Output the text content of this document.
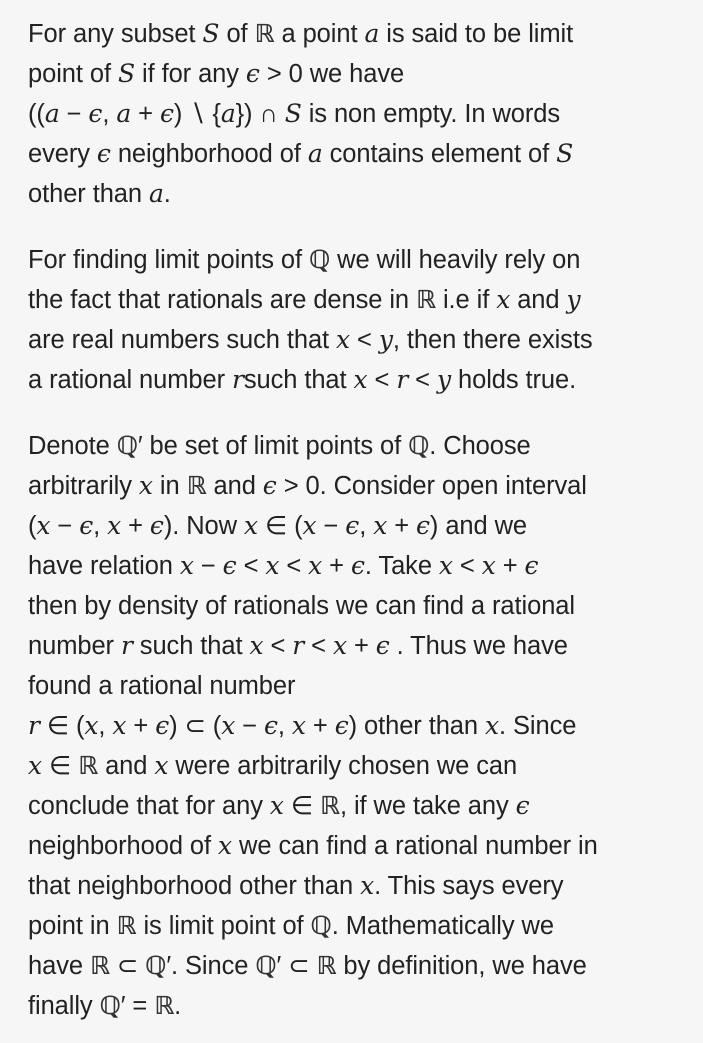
For any subset 𝑆 of ℝ a point 𝑎 is said to be limit
point of 𝑆 if for any 𝜖 > 0 we have
((𝑎 − 𝜖, 𝑎 + 𝜖) ∖ {𝑎}) ∩ 𝑆 is non empty. In words
every 𝜖 neighborhood of 𝑎 contains element of 𝑆
other than 𝑎.
For finding limit points of ℚ we will heavily rely on
the fact that rationals are dense in ℝ i.e if 𝑥 and 𝑦
are real numbers such that 𝑥 < 𝑦, then there exists
a rational number 𝑟such that 𝑥 < 𝑟 < 𝑦 holds true.
Denote ℚ′ be set of limit points of ℚ. Choose
arbitrarily 𝑥 in ℝ and 𝜖 > 0. Consider open interval
(𝑥 − 𝜖, 𝑥 + 𝜖). Now 𝑥 ∈ (𝑥 − 𝜖, 𝑥 + 𝜖) and we
have relation 𝑥 − 𝜖 < 𝑥 < 𝑥 + 𝜖. Take 𝑥 < 𝑥 + 𝜖
then by density of rationals we can find a rational
number 𝑟 such that 𝑥 < 𝑟 < 𝑥 + 𝜖 . Thus we have
found a rational number
𝑟 ∈ (𝑥, 𝑥 + 𝜖) ⊂ (𝑥 − 𝜖, 𝑥 + 𝜖) other than 𝑥. Since
𝑥 ∈ ℝ and 𝑥 were arbitrarily chosen we can
conclude that for any 𝑥 ∈ ℝ, if we take any 𝜖
neighborhood of 𝑥 we can find a rational number in
that neighborhood other than 𝑥. This says every
point in ℝ is limit point of ℚ. Mathematically we
have ℝ ⊂ ℚ′. Since ℚ′ ⊂ ℝ by definition, we have
finally ℚ′ = ℝ.
